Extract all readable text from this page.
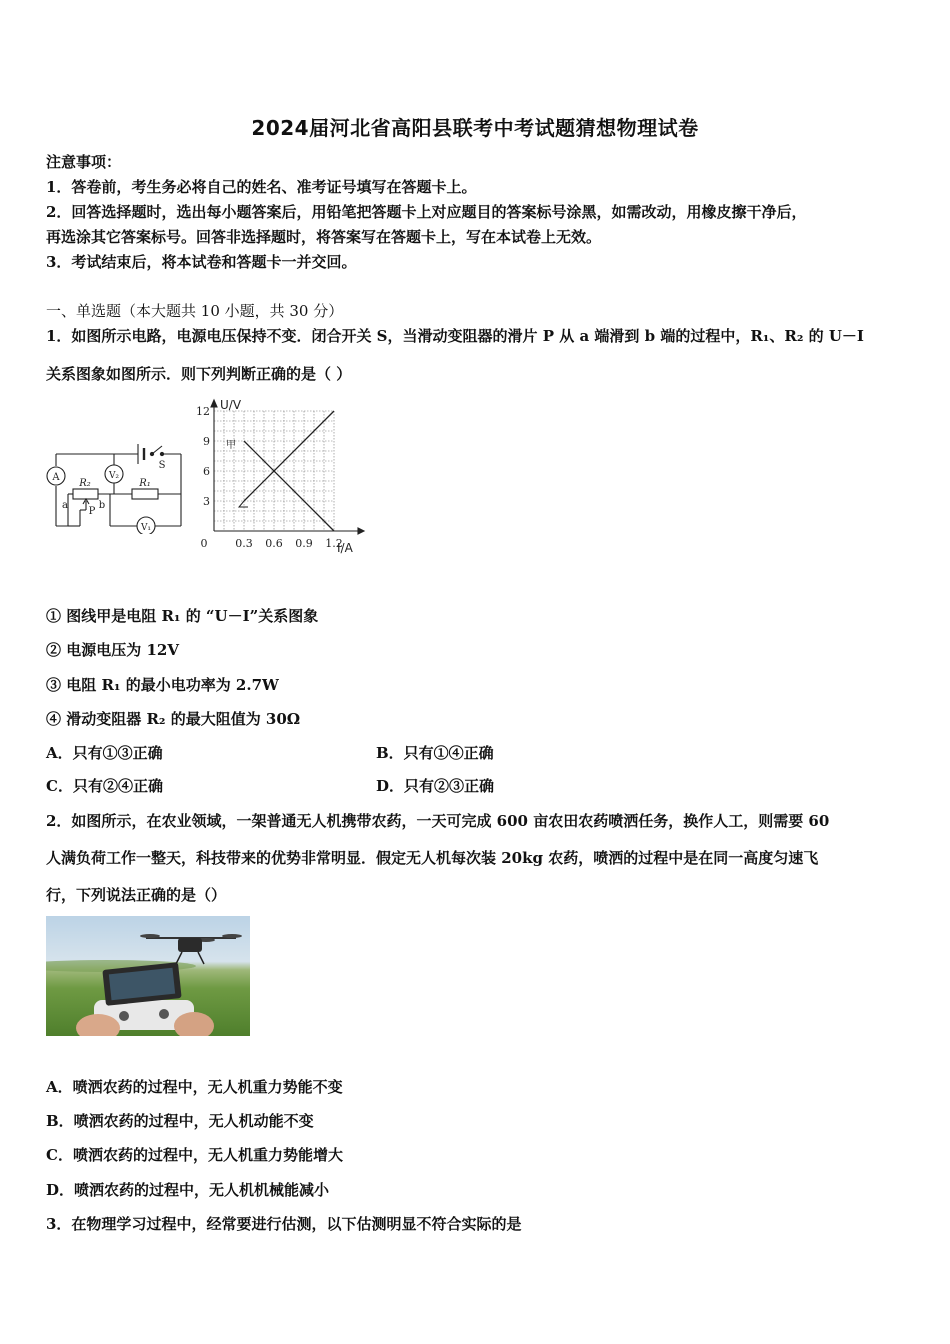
2024届河北省高阳县联考中考试题猜想物理试卷
注意事项：
1．答卷前，考生务必将自己的姓名、准考证号填写在答题卡上。
2．回答选择题时，选出每小题答案后，用铅笔把答题卡上对应题目的答案标号涂黑，如需改动，用橡皮擦干净后，
再选涂其它答案标号。回答非选择题时，将答案写在答题卡上，写在本试卷上无效。
3．考试结束后，将本试卷和答题卡一并交回。
一、单选题（本大题共 10 小题，共 30 分）
1．如图所示电路，电源电压保持不变．闭合开关 S，当滑动变阻器的滑片 P 从 a 端滑到 b 端的过程中，R₁、R₂ 的 U－I
关系图象如图所示．则下列判断正确的是（ ）
A	V₂
V₁
R₂	R₁
S
a
P
b
12
9
6
3
0	0.3 0.6 0.9 1.2
U/V
I/A
甲
① 图线甲是电阻 R₁ 的 “U－I”关系图象
② 电源电压为 12V
③ 电阻 R₁ 的最小电功率为 2.7W
④ 滑动变阻器 R₂ 的最大阻值为 30Ω
A．只有①③正确	B．只有①④正确
C．只有②④正确	D．只有②③正确
2．如图所示，在农业领域，一架普通无人机携带农药，一天可完成 600 亩农田农药喷洒任务，换作人工，则需要 60
人满负荷工作一整天，科技带来的优势非常明显．假定无人机每次装 20kg 农药，喷洒的过程中是在同一高度匀速飞
行，下列说法正确的是（）
A．喷洒农药的过程中，无人机重力势能不变
B．喷洒农药的过程中，无人机动能不变
C．喷洒农药的过程中，无人机重力势能增大
D．喷洒农药的过程中，无人机机械能减小
3．在物理学习过程中，经常要进行估测，以下估测明显不符合实际的是
